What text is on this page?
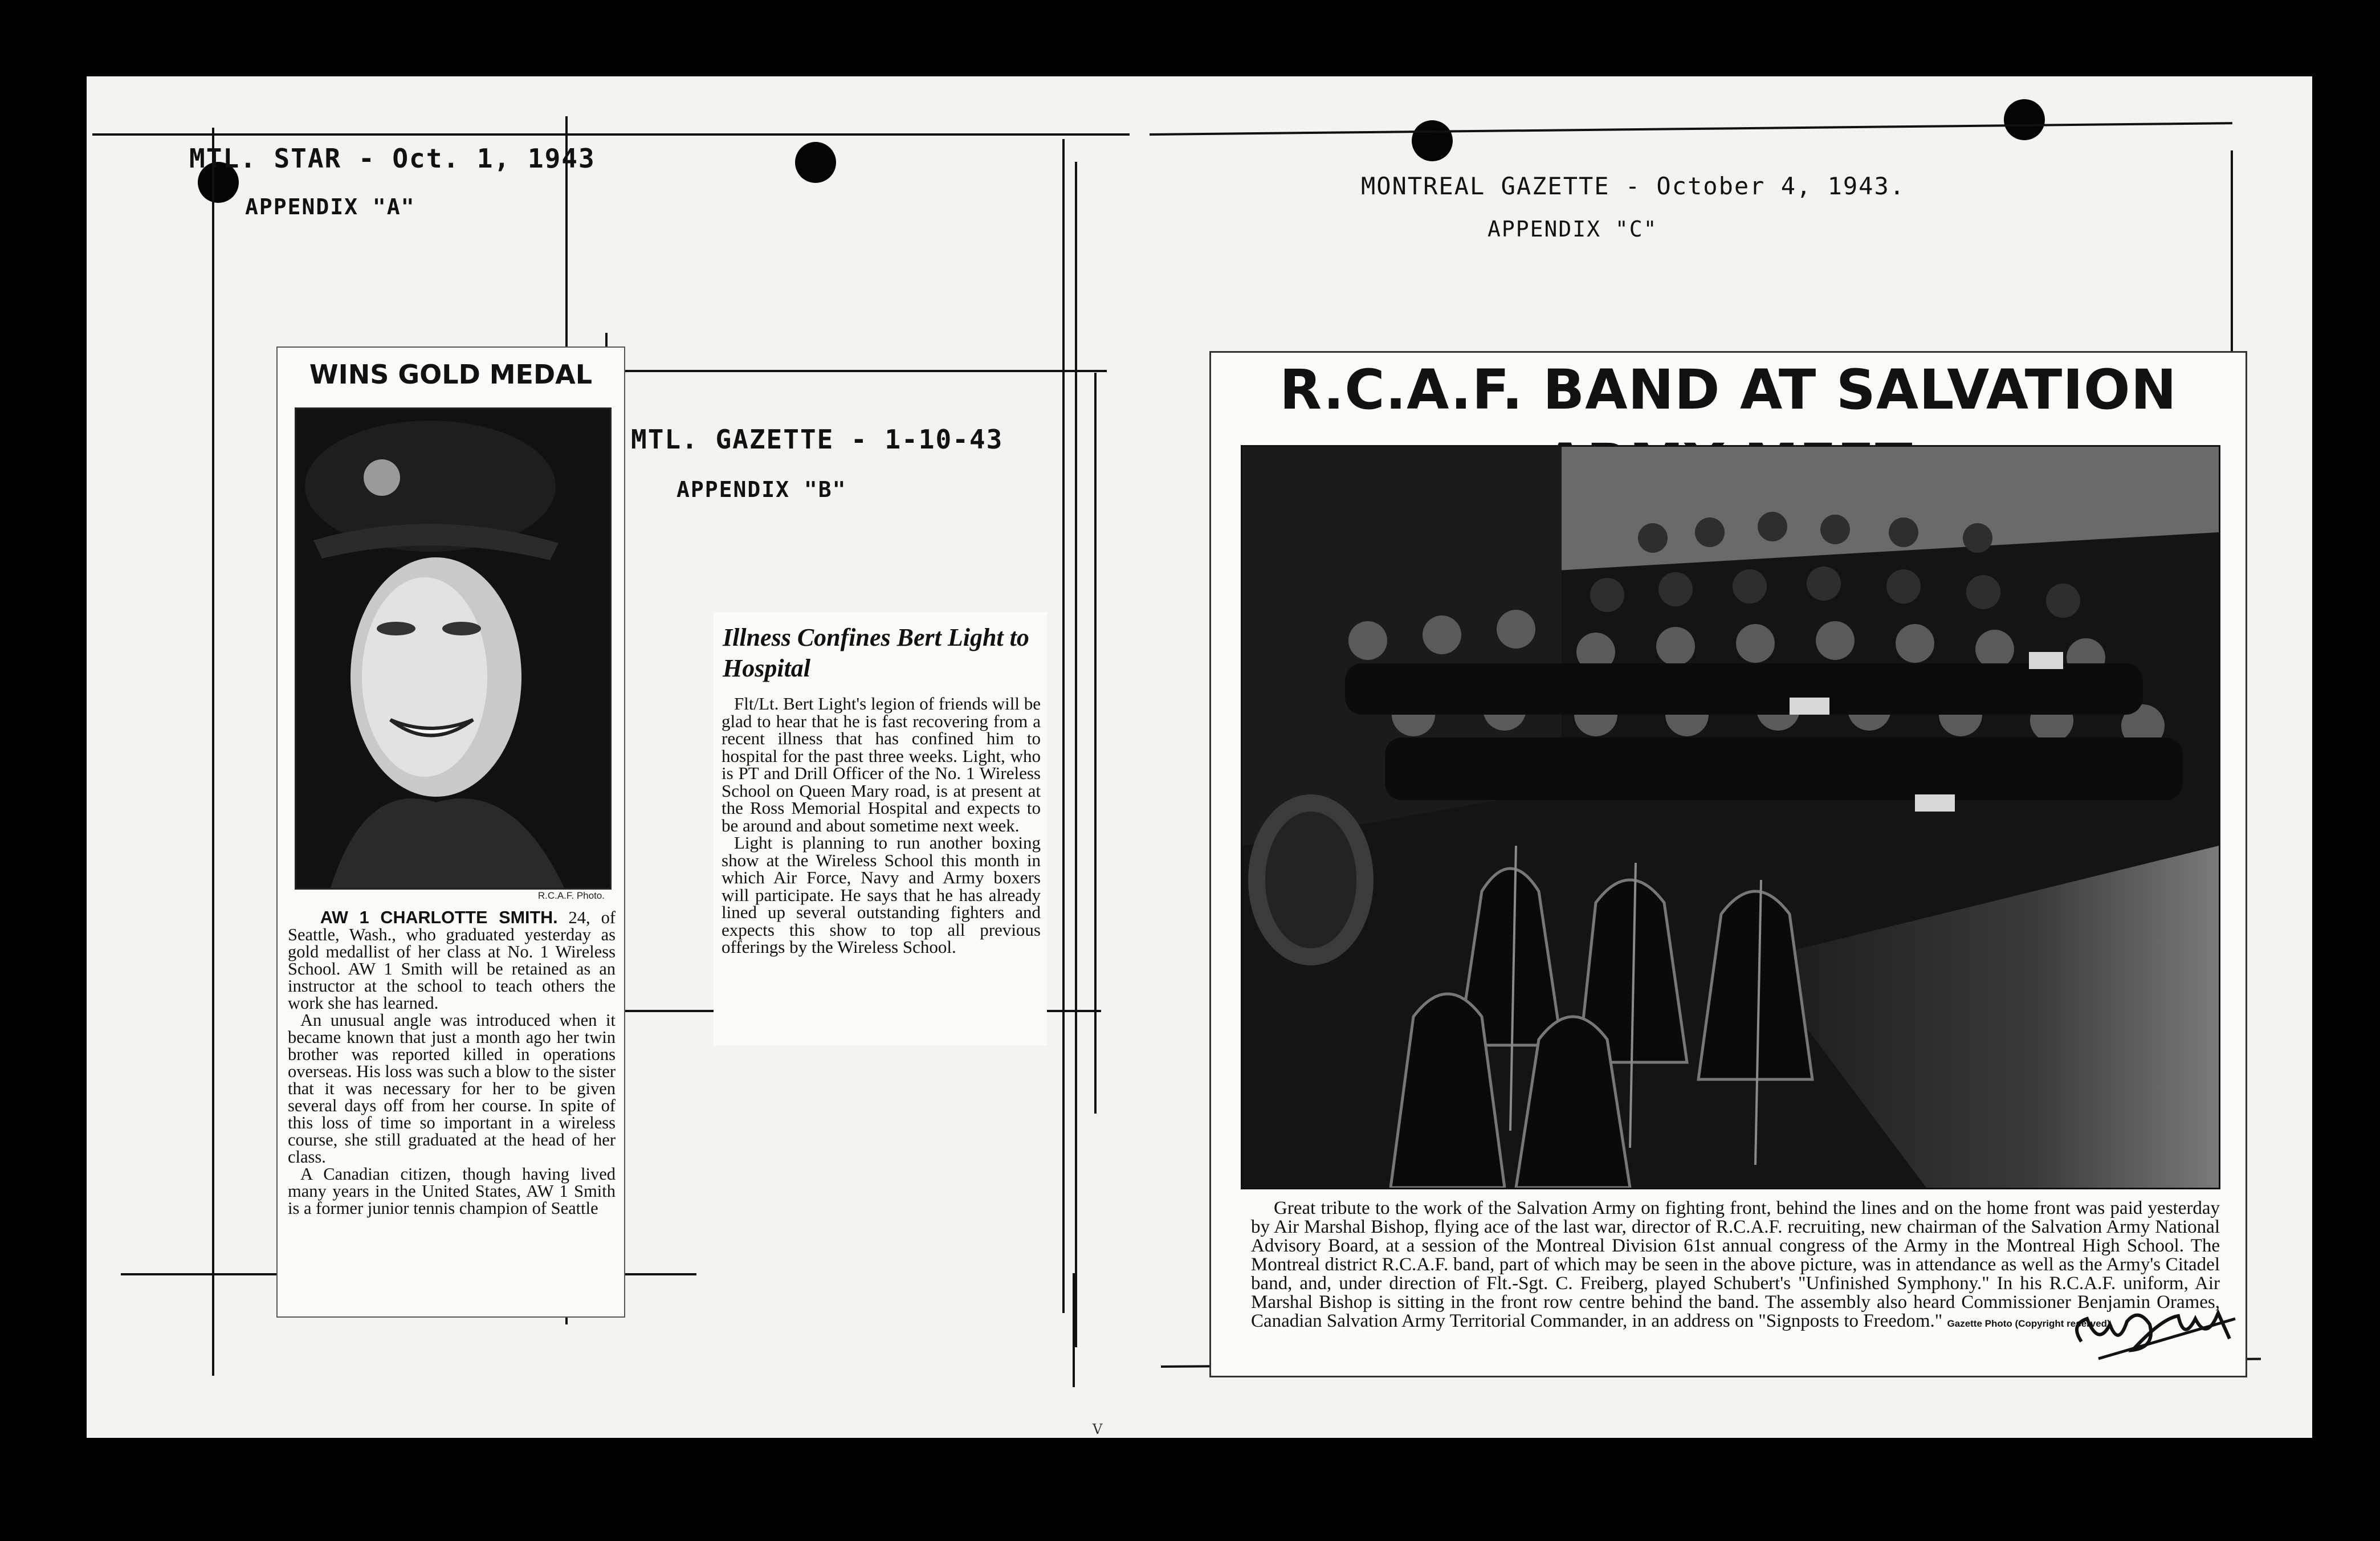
MTL. STAR - Oct. 1, 1943
APPENDIX "A"
MTL. GAZETTE - 1-10-43
APPENDIX "B"
MONTREAL GAZETTE - October 4, 1943.
APPENDIX "C"
WINS GOLD MEDAL
R.C.A.F. Photo.
AW 1 CHARLOTTE SMITH. 24, of Seattle, Wash., who graduated yesterday as gold medallist of her class at No. 1 Wireless School. AW 1 Smith will be retained as an instructor at the school to teach others the work she has learned.
An unusual angle was introduced when it became known that just a month ago her twin brother was reported killed in operations overseas. His loss was such a blow to the sister that it was necessary for her to be given several days off from her course. In spite of this loss of time so important in a wireless course, she still graduated at the head of her class.
A Canadian citizen, though having lived many years in the United States, AW 1 Smith is a former junior tennis champion of Seattle
Illness Confines Bert Light to Hospital
Flt/Lt. Bert Light's legion of friends will be glad to hear that he is fast recovering from a recent illness that has confined him to hospital for the past three weeks. Light, who is PT and Drill Officer of the No. 1 Wireless School on Queen Mary road, is at present at the Ross Memorial Hospital and expects to be around and about sometime next week.
Light is planning to run another boxing show at the Wireless School this month in which Air Force, Navy and Army boxers will participate. He says that he has already lined up several outstanding fighters and expects this show to top all previous offerings by the Wireless School.
R.C.A.F. BAND AT SALVATION
Great tribute to the work of the Salvation Army on fighting front, behind the lines and on the home front was paid yesterday by Air Marshal Bishop, flying ace of the last war, director of R.C.A.F. recruiting, new chairman of the Salvation Army National Advisory Board, at a session of the Montreal Division 61st annual congress of the Army in the Montreal High School. The Montreal district R.C.A.F. band, part of which may be seen in the above picture, was in attendance as well as the Army's Citadel band, and, under direction of Flt.-Sgt. C. Freiberg, played Schubert's "Unfinished Symphony." In his R.C.A.F. uniform, Air Marshal Bishop is sitting in the front row centre behind the band. The assembly also heard Commissioner Benjamin Orames, Canadian Salvation Army Territorial Commander, in an address on "Signposts to Freedom." Gazette Photo (Copyright reserved).
V
